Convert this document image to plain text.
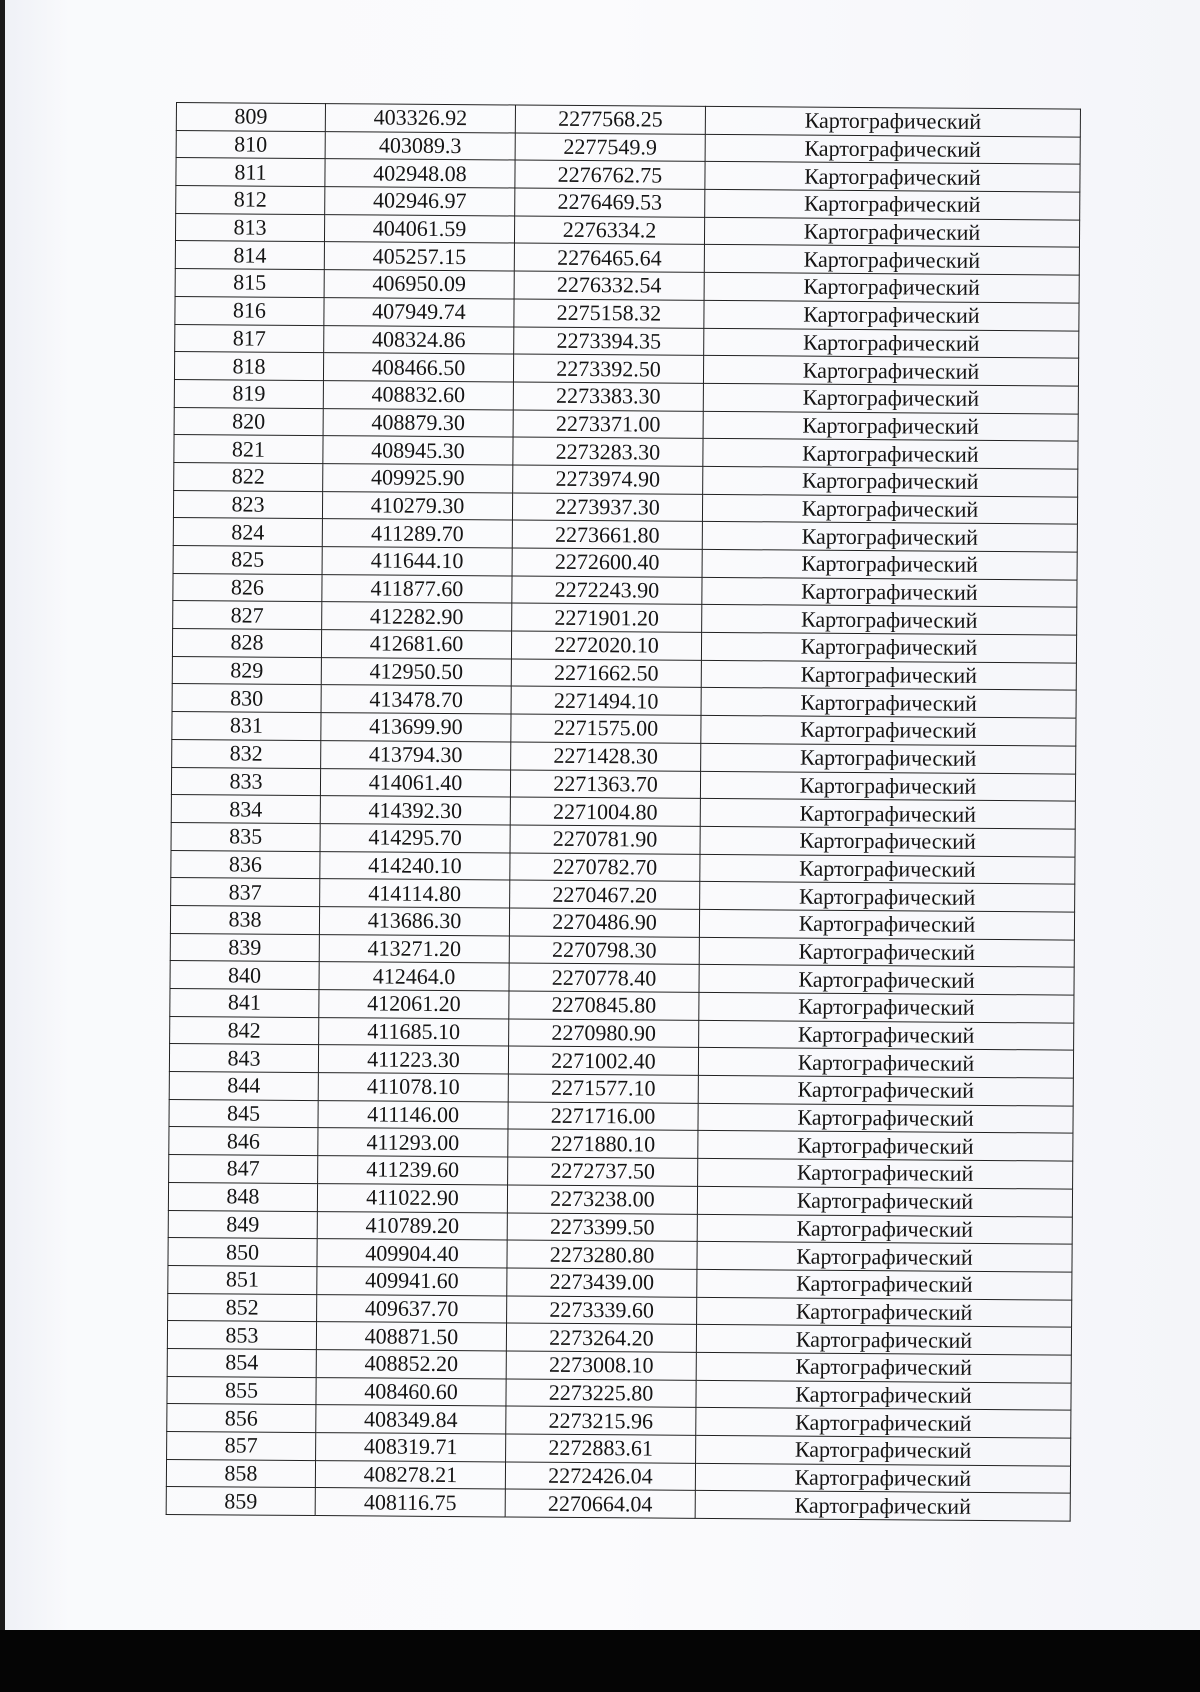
809	403326.92	2277568.25	Картографический
810	403089.3	2277549.9	Картографический
811	402948.08	2276762.75	Картографический
812	402946.97	2276469.53	Картографический
813	404061.59	2276334.2	Картографический
814	405257.15	2276465.64	Картографический
815	406950.09	2276332.54	Картографический
816	407949.74	2275158.32	Картографический
817	408324.86	2273394.35	Картографический
818	408466.50	2273392.50	Картографический
819	408832.60	2273383.30	Картографический
820	408879.30	2273371.00	Картографический
821	408945.30	2273283.30	Картографический
822	409925.90	2273974.90	Картографический
823	410279.30	2273937.30	Картографический
824	411289.70	2273661.80	Картографический
825	411644.10	2272600.40	Картографический
826	411877.60	2272243.90	Картографический
827	412282.90	2271901.20	Картографический
828	412681.60	2272020.10	Картографический
829	412950.50	2271662.50	Картографический
830	413478.70	2271494.10	Картографический
831	413699.90	2271575.00	Картографический
832	413794.30	2271428.30	Картографический
833	414061.40	2271363.70	Картографический
834	414392.30	2271004.80	Картографический
835	414295.70	2270781.90	Картографический
836	414240.10	2270782.70	Картографический
837	414114.80	2270467.20	Картографический
838	413686.30	2270486.90	Картографический
839	413271.20	2270798.30	Картографический
840	412464.0	2270778.40	Картографический
841	412061.20	2270845.80	Картографический
842	411685.10	2270980.90	Картографический
843	411223.30	2271002.40	Картографический
844	411078.10	2271577.10	Картографический
845	411146.00	2271716.00	Картографический
846	411293.00	2271880.10	Картографический
847	411239.60	2272737.50	Картографический
848	411022.90	2273238.00	Картографический
849	410789.20	2273399.50	Картографический
850	409904.40	2273280.80	Картографический
851	409941.60	2273439.00	Картографический
852	409637.70	2273339.60	Картографический
853	408871.50	2273264.20	Картографический
854	408852.20	2273008.10	Картографический
855	408460.60	2273225.80	Картографический
856	408349.84	2273215.96	Картографический
857	408319.71	2272883.61	Картографический
858	408278.21	2272426.04	Картографический
859	408116.75	2270664.04	Картографический
